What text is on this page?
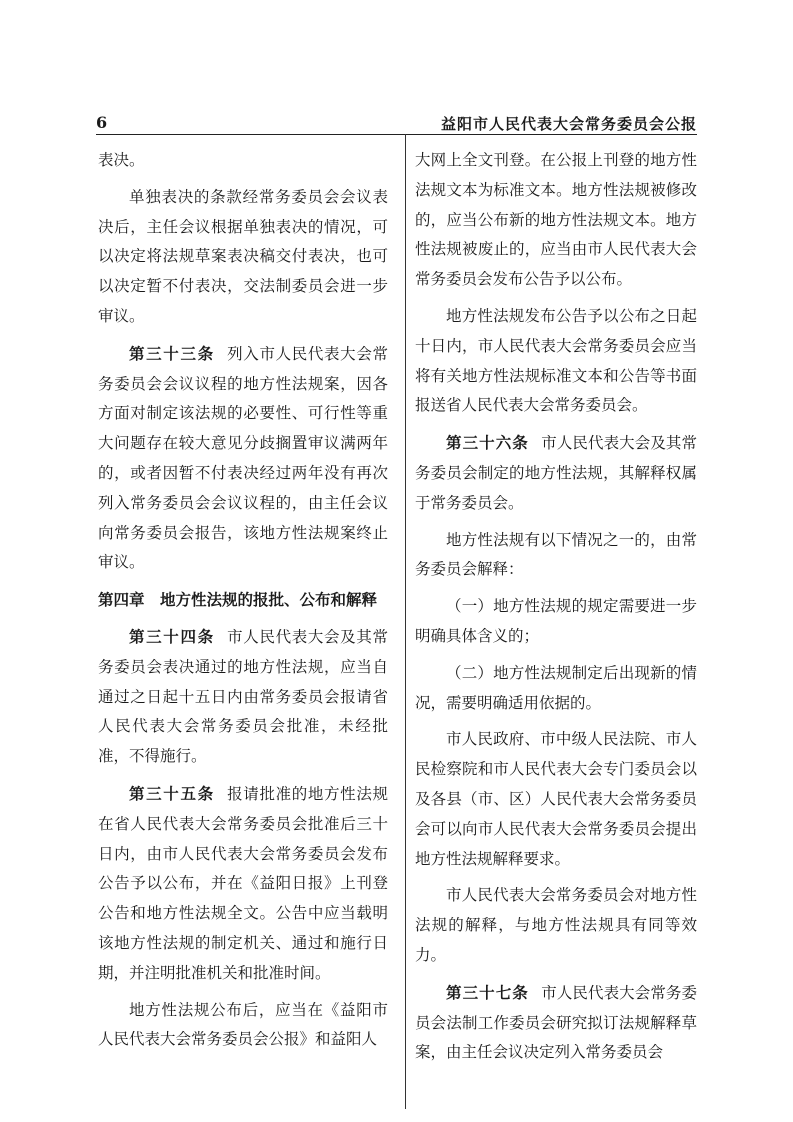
6	益阳市人民代表大会常务委员会公报

表决。

单独表决的条款经常务委员会会议表决后，主任会议根据单独表决的情况，可以决定将法规草案表决稿交付表决，也可以决定暂不付表决，交法制委员会进一步审议。

第三十三条 列入市人民代表大会常务委员会会议议程的地方性法规案，因各方面对制定该法规的必要性、可行性等重大问题存在较大意见分歧搁置审议满两年的，或者因暂不付表决经过两年没有再次列入常务委员会会议议程的，由主任会议向常务委员会报告，该地方性法规案终止审议。

第四章　地方性法规的报批、公布和解释

第三十四条 市人民代表大会及其常务委员会表决通过的地方性法规，应当自通过之日起十五日内由常务委员会报请省人民代表大会常务委员会批准，未经批准，不得施行。

第三十五条 报请批准的地方性法规在省人民代表大会常务委员会批准后三十日内，由市人民代表大会常务委员会发布公告予以公布，并在《益阳日报》上刊登公告和地方性法规全文。公告中应当载明该地方性法规的制定机关、通过和施行日期，并注明批准机关和批准时间。

地方性法规公布后，应当在《益阳市人民代表大会常务委员会公报》和益阳人

大网上全文刊登。在公报上刊登的地方性法规文本为标准文本。地方性法规被修改的，应当公布新的地方性法规文本。地方性法规被废止的，应当由市人民代表大会常务委员会发布公告予以公布。

地方性法规发布公告予以公布之日起十日内，市人民代表大会常务委员会应当将有关地方性法规标准文本和公告等书面报送省人民代表大会常务委员会。

第三十六条 市人民代表大会及其常务委员会制定的地方性法规，其解释权属于常务委员会。

地方性法规有以下情况之一的，由常务委员会解释：

（一）地方性法规的规定需要进一步明确具体含义的；

（二）地方性法规制定后出现新的情况，需要明确适用依据的。

市人民政府、市中级人民法院、市人民检察院和市人民代表大会专门委员会以及各县（市、区）人民代表大会常务委员会可以向市人民代表大会常务委员会提出地方性法规解释要求。

市人民代表大会常务委员会对地方性法规的解释，与地方性法规具有同等效力。

第三十七条 市人民代表大会常务委员会法制工作委员会研究拟订法规解释草案，由主任会议决定列入常务委员会
